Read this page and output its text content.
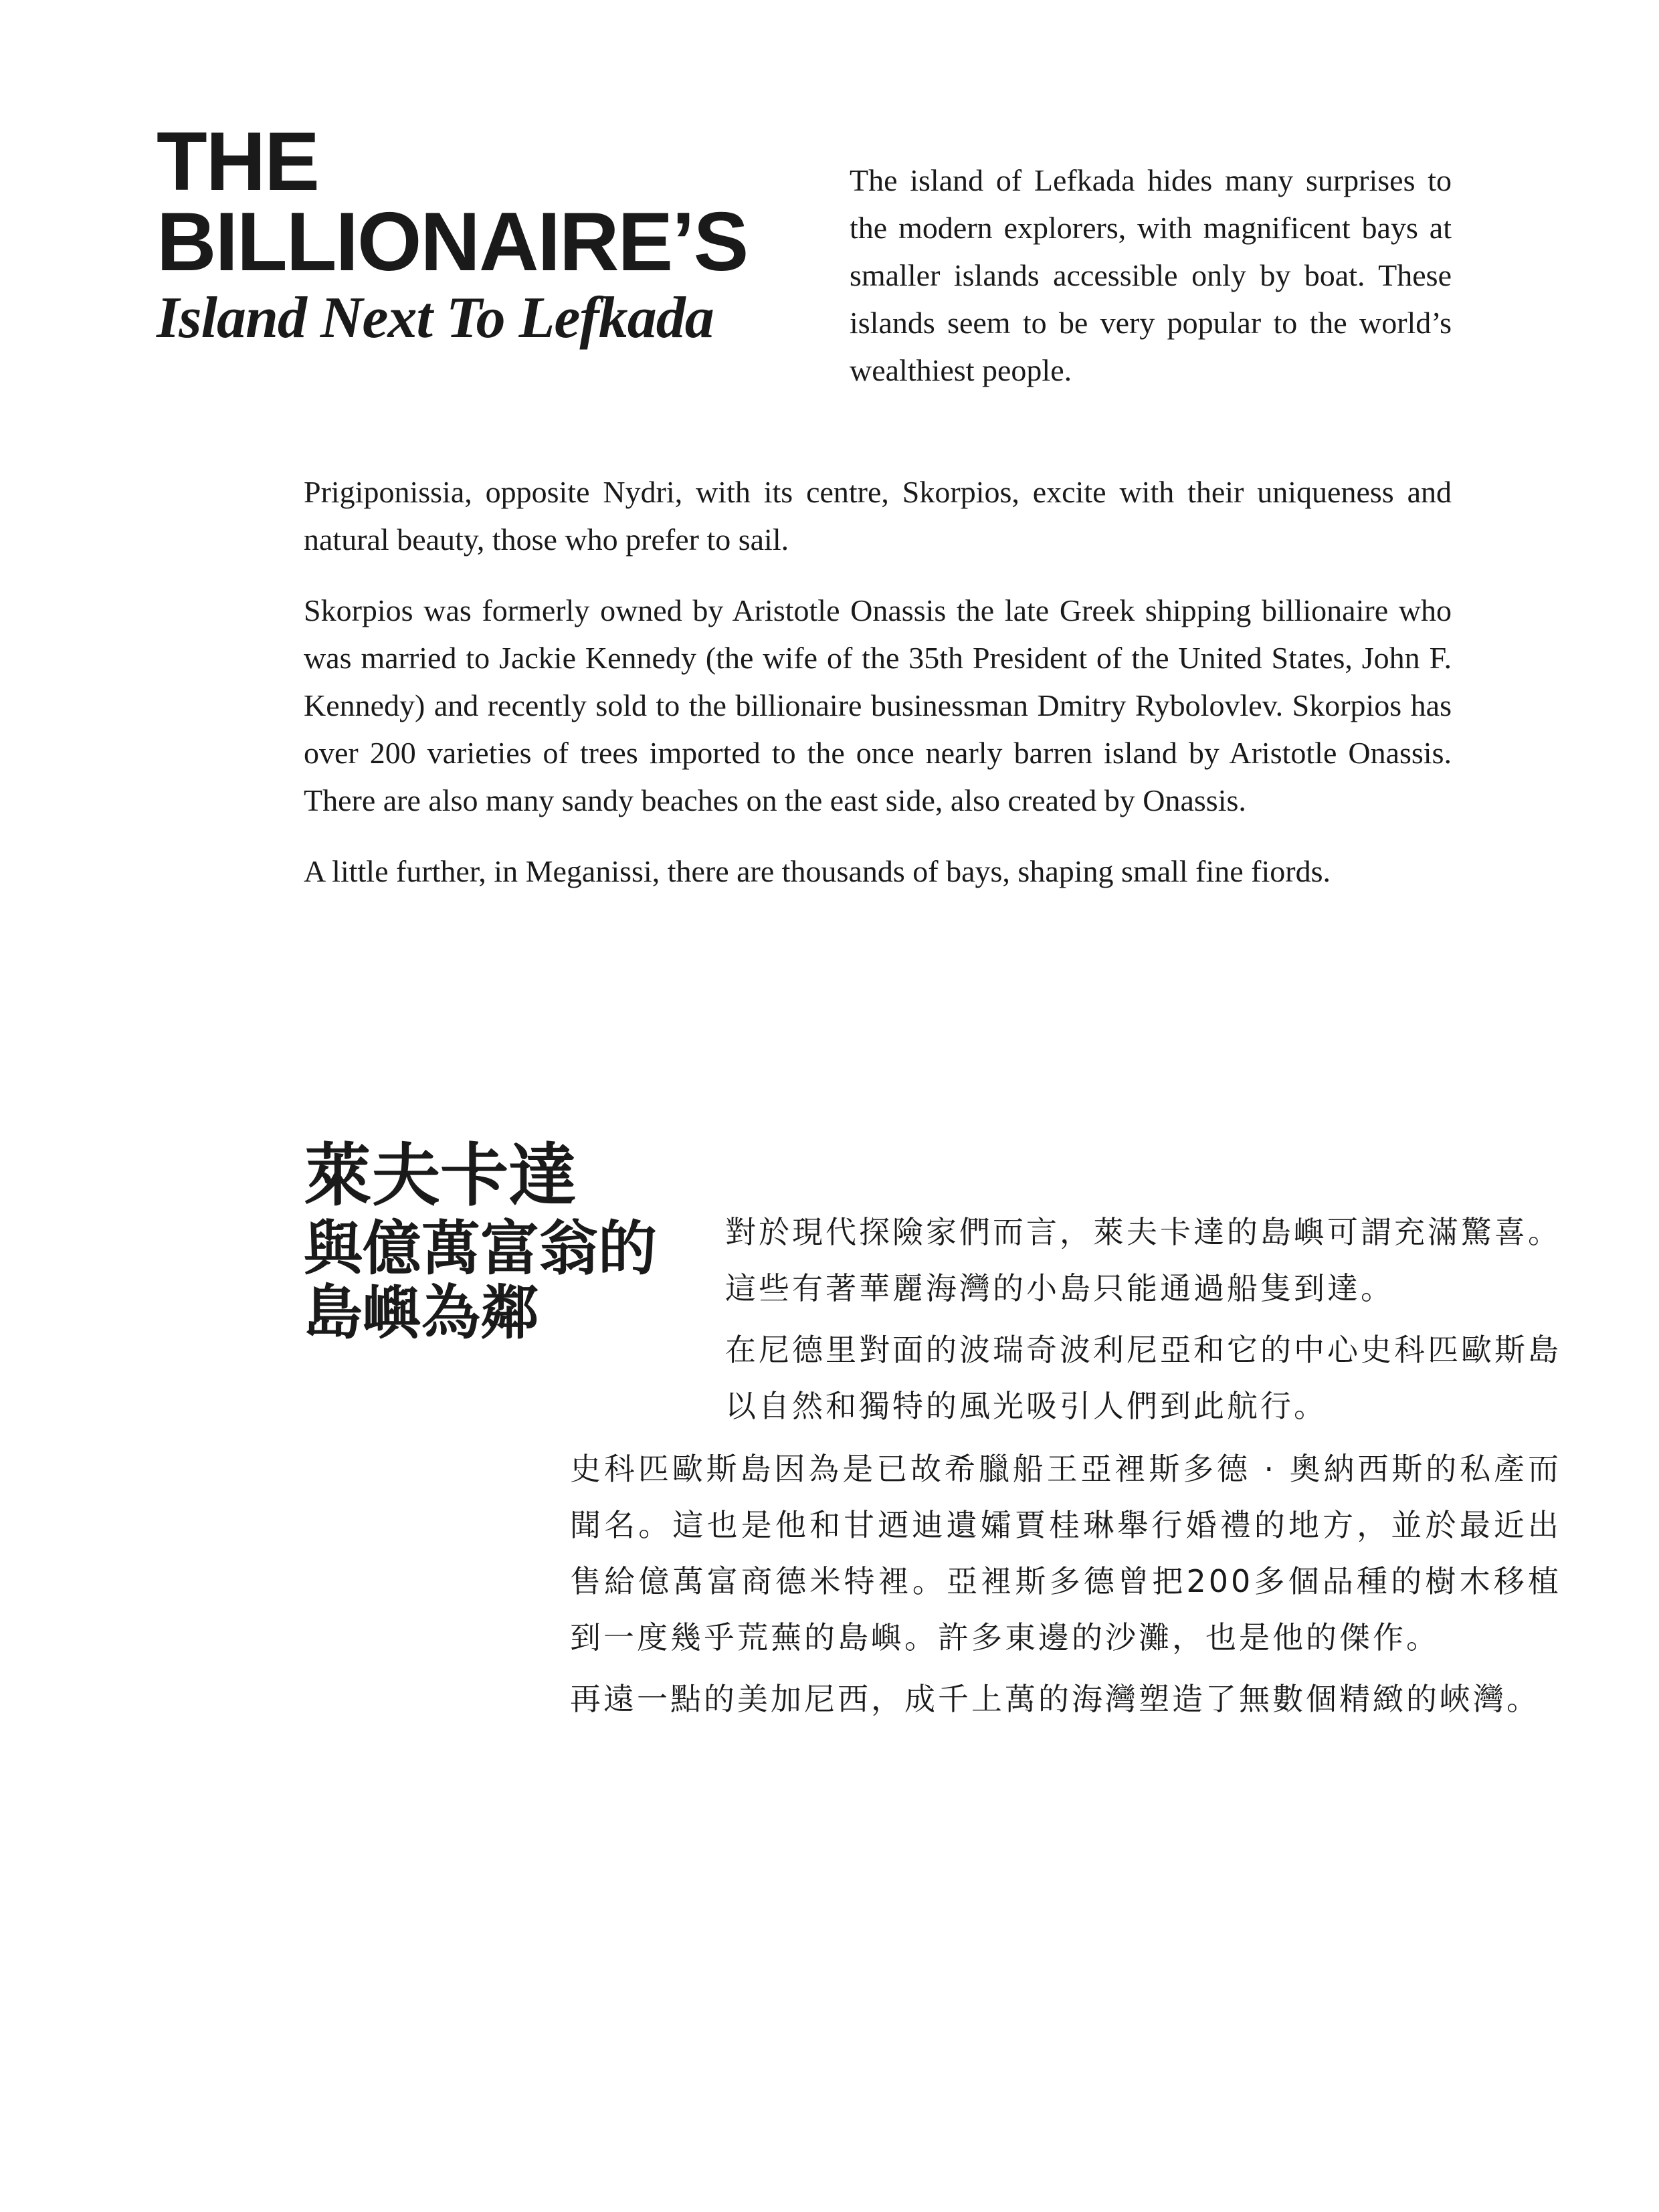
THE
BILLIONAIRE’S
Island Next To Lefkada

The island of Lefkada hides many surprises to the modern explorers, with magnificent bays at smaller islands accessible only by boat. These islands seem to be very popular to the world’s wealthiest people.

Prigiponissia, opposite Nydri, with its centre, Skorpios, excite with their uniqueness and natural beauty, those who prefer to sail.

Skorpios was formerly owned by Aristotle Onassis the late Greek shipping billionaire who was married to Jackie Kennedy (the wife of the 35th President of the United States, John F. Kennedy) and recently sold to the billionaire businessman Dmitry Rybolovlev. Skorpios has over 200 varieties of trees imported to the once nearly barren island by Aristotle Onassis. There are also many sandy beaches on the east side, also created by Onassis.

A little further, in Meganissi, there are thousands of bays, shaping small fine fiords.

萊夫卡達
與億萬富翁的
島嶼為鄰

對於現代探險家們而言，萊夫卡達的島嶼可謂充滿驚喜。這些有著華麗海灣的小島只能通過船隻到達。

在尼德里對面的波瑞奇波利尼亞和它的中心史科匹歐斯島以自然和獨特的風光吸引人們到此航行。

史科匹歐斯島因為是已故希臘船王亞裡斯多德 · 奧納西斯的私產而聞名。這也是他和甘迺迪遺孀賈桂琳舉行婚禮的地方，並於最近出售給億萬富商德米特裡。亞裡斯多德曾把200多個品種的樹木移植到一度幾乎荒蕪的島嶼。許多東邊的沙灘，也是他的傑作。

再遠一點的美加尼西，成千上萬的海灣塑造了無數個精緻的峽灣。
